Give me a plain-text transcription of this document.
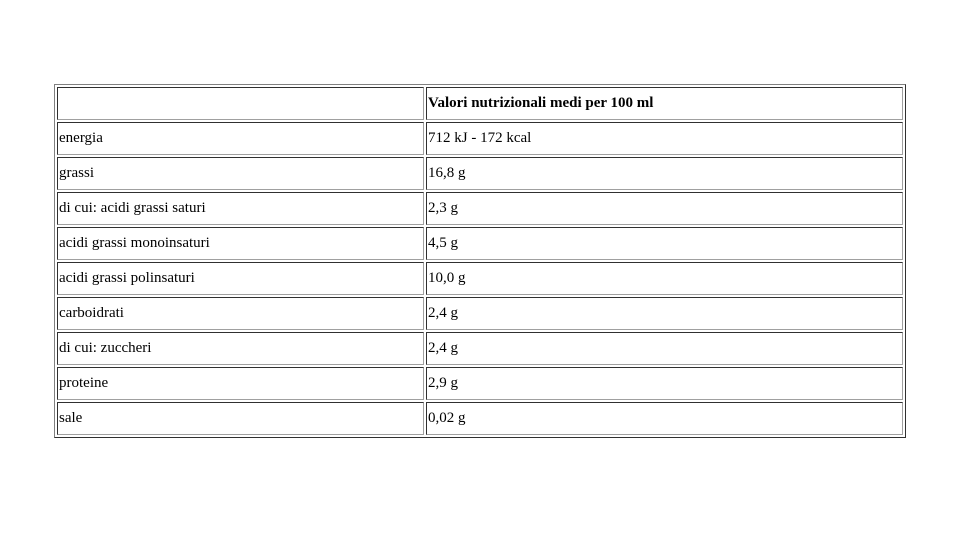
	Valori nutrizionali medi per 100 ml
energia	712 kJ - 172 kcal
grassi	16,8 g
di cui: acidi grassi saturi	2,3 g
acidi grassi monoinsaturi	4,5 g
acidi grassi polinsaturi	10,0 g
carboidrati	2,4 g
di cui: zuccheri	2,4 g
proteine	2,9 g
sale	0,02 g
